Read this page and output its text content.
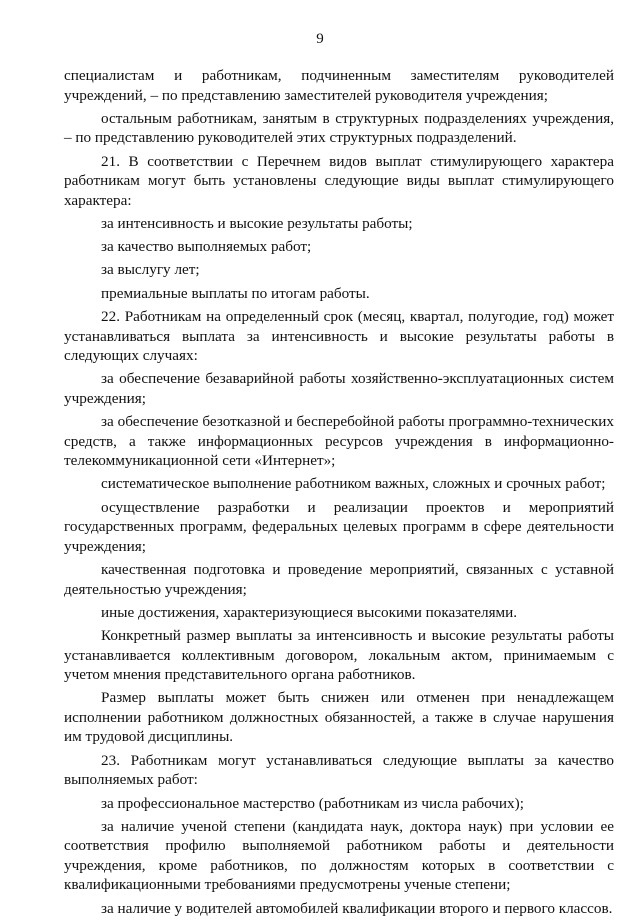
9

специалистам и работникам, подчиненным заместителям руководителей учреждений, – по представлению заместителей руководителя учреждения;

остальным работникам, занятым в структурных подразделениях учреждения, – по представлению руководителей этих структурных подразделений.

21. В соответствии с Перечнем видов выплат стимулирующего характера работникам могут быть установлены следующие виды выплат стимулирующего характера:

за интенсивность и высокие результаты работы;

за качество выполняемых работ;

за выслугу лет;

премиальные выплаты по итогам работы.

22. Работникам на определенный срок (месяц, квартал, полугодие, год) может устанавливаться выплата за интенсивность и высокие результаты работы в следующих случаях:

за обеспечение безаварийной работы хозяйственно-эксплуатационных систем учреждения;

за обеспечение безотказной и бесперебойной работы программно-технических средств, а также информационных ресурсов учреждения в информационно-телекоммуникационной сети «Интернет»;

систематическое выполнение работником важных, сложных и срочных работ;

осуществление разработки и реализации проектов и мероприятий государственных программ, федеральных целевых программ в сфере деятельности учреждения;

качественная подготовка и проведение мероприятий, связанных с уставной деятельностью учреждения;

иные достижения, характеризующиеся высокими показателями.

Конкретный размер выплаты за интенсивность и высокие результаты работы устанавливается коллективным договором, локальным актом, принимаемым с учетом мнения представительного органа работников.

Размер выплаты может быть снижен или отменен при ненадлежащем исполнении работником должностных обязанностей, а также в случае нарушения им трудовой дисциплины.

23. Работникам могут устанавливаться следующие выплаты за качество выполняемых работ:

за профессиональное мастерство (работникам из числа рабочих);

за наличие ученой степени (кандидата наук, доктора наук) при условии ее соответствия профилю выполняемой работником работы и деятельности учреждения, кроме работников, по должностям которых в соответствии с квалификационными требованиями предусмотрены ученые степени;

за наличие у водителей автомобилей квалификации второго и первого классов.
